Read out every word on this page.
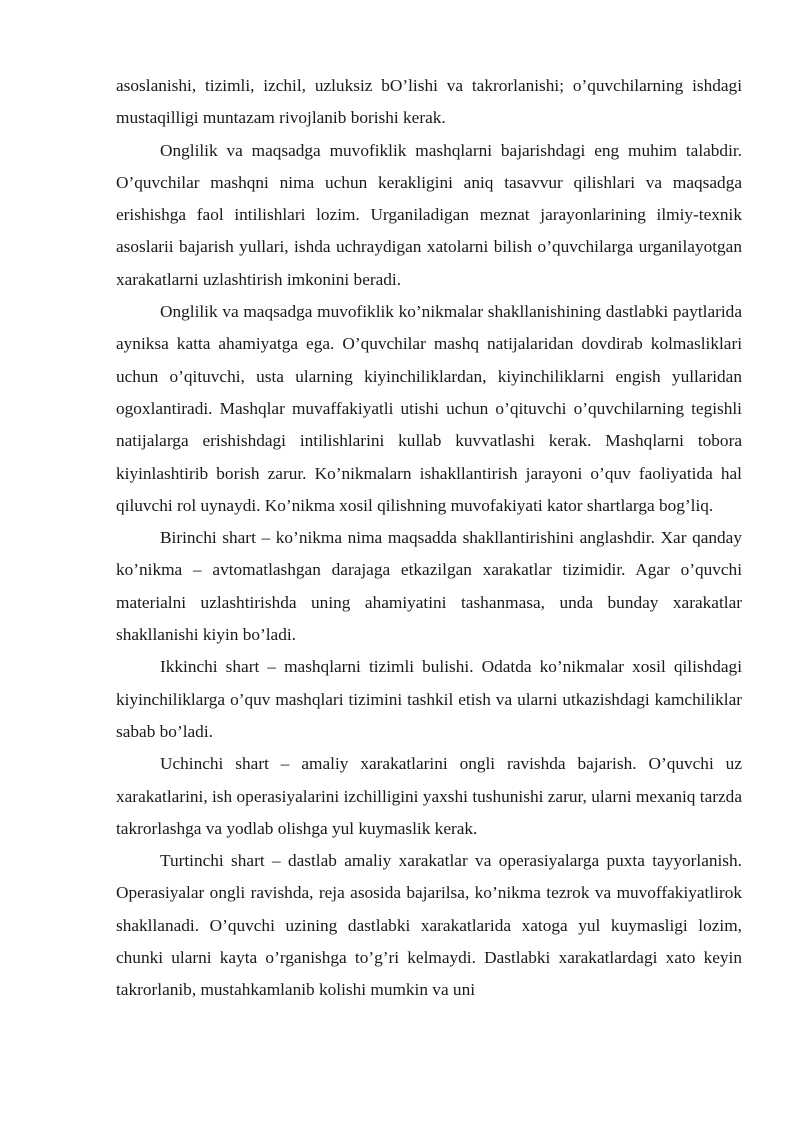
asoslanishi, tizimli, izchil, uzluksiz bO’lishi va takrorlanishi; o’quvchilarning ishdagi mustaqilligi muntazam rivojlanib borishi kerak.

Onglilik va maqsadga muvofiklik mashqlarni bajarishdagi eng muhim talabdir. O’quvchilar mashqni nima uchun kerakligini aniq tasavvur qilishlari va maqsadga erishishga faol intilishlari lozim. Urganiladigan meznat jarayonlarining ilmiy-texnik asoslarii bajarish yullari, ishda uchraydigan xatolarni bilish o’quvchilarga urganilayotgan xarakatlarni uzlashtirish imkonini beradi.

Onglilik va maqsadga muvofiklik ko’nikmalar shakllanishining dastlabki paytlarida ayniksa katta ahamiyatga ega. O’quvchilar mashq natijalaridan dovdirab kolmasliklari uchun o’qituvchi, usta ularning kiyinchiliklardan, kiyinchiliklarni engish yullaridan ogoxlantiradi. Mashqlar muvaffakiyatli utishi uchun o’qituvchi o’quvchilarning tegishli natijalarga erishishdagi intilishlarini kullab kuvvatlashi kerak. Mashqlarni tobora kiyinlashtirib borish zarur. Ko’nikmalarn ishakllantirish jarayoni o’quv faoliyatida hal qiluvchi rol uynaydi. Ko’nikma xosil qilishning muvofakiyati kator shartlarga bog’liq.

Birinchi shart – ko’nikma nima maqsadda shakllantirishini anglashdir. Xar qanday ko’nikma – avtomatlashgan darajaga etkazilgan xarakatlar tizimidir. Agar o’quvchi materialni uzlashtirishda uning ahamiyatini tashanmasa, unda bunday xarakatlar shakllanishi kiyin bo’ladi.

Ikkinchi shart – mashqlarni tizimli bulishi. Odatda ko’nikmalar xosil qilishdagi kiyinchiliklarga o’quv mashqlari tizimini tashkil etish va ularni utkazishdagi kamchiliklar sabab bo’ladi.

Uchinchi shart – amaliy xarakatlarini ongli ravishda bajarish. O’quvchi uz xarakatlarini, ish operasiyalarini izchilligini yaxshi tushunishi zarur, ularni mexaniq tarzda takrorlashga va yodlab olishga yul kuymaslik kerak.

Turtinchi shart – dastlab amaliy xarakatlar va operasiyalarga puxta tayyorlanish. Operasiyalar ongli ravishda, reja asosida bajarilsa, ko’nikma tezrok va muvoffakiyatlirok shakllanadi. O’quvchi uzining dastlabki xarakatlarida xatoga yul kuymasligi lozim, chunki ularni kayta o’rganishga to’g’ri kelmaydi. Dastlabki xarakatlardagi xato keyin takrorlanib, mustahkamlanib kolishi mumkin va uni
